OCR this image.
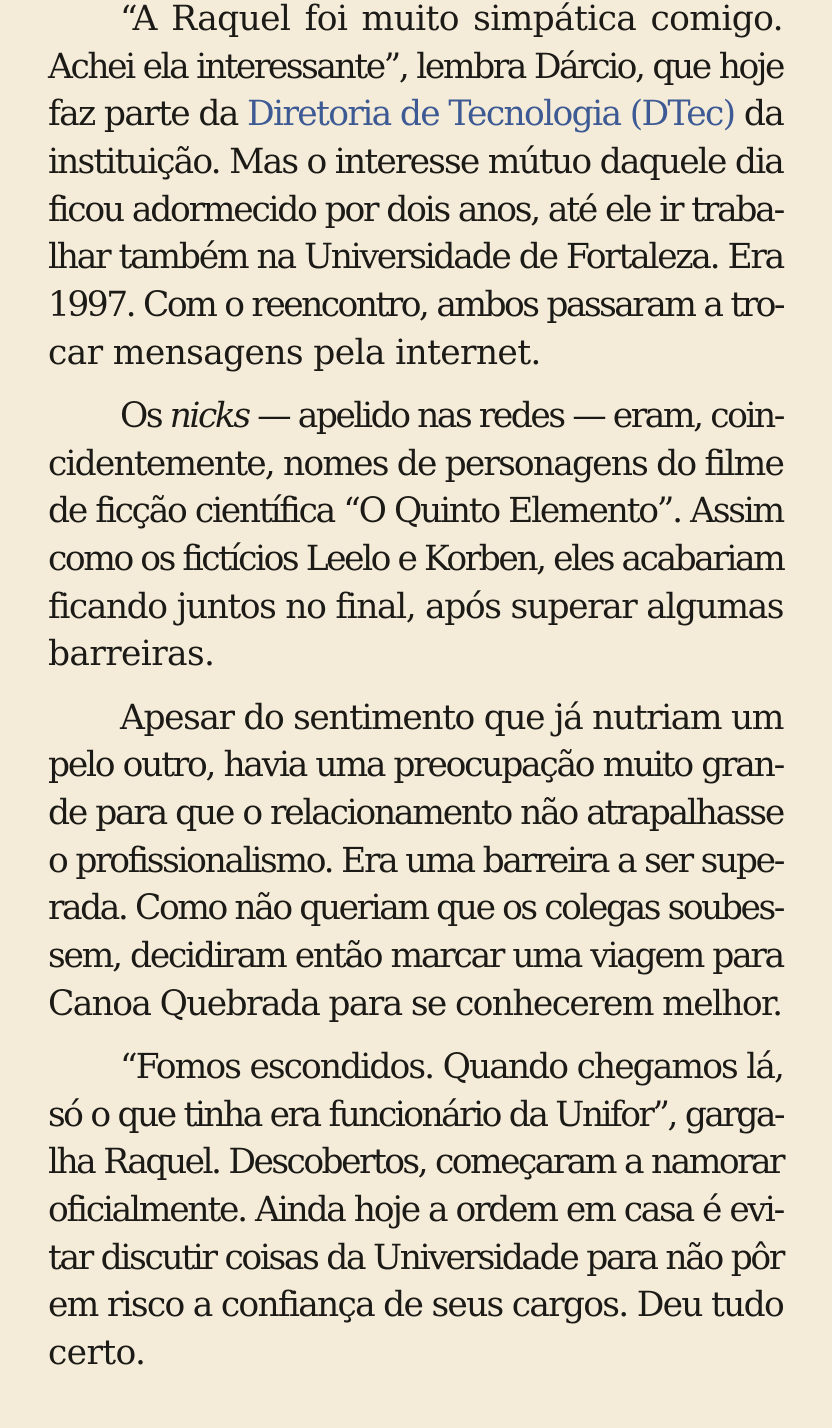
“A Raquel foi muito simpática comigo.
Achei ela interessante”, lembra Dárcio, que hoje
faz parte da Diretoria de Tecnologia (DTec) da
instituição. Mas o interesse mútuo daquele dia
ficou adormecido por dois anos, até ele ir traba-
lhar também na Universidade de Fortaleza. Era
1997. Com o reencontro, ambos passaram a tro-
car mensagens pela internet.
Os nicks — apelido nas redes — eram, coin-
cidentemente, nomes de personagens do filme
de ficção científica “O Quinto Elemento”. Assim
como os fictícios Leelo e Korben, eles acabariam
ficando juntos no final, após superar algumas
barreiras.
Apesar do sentimento que já nutriam um
pelo outro, havia uma preocupação muito gran-
de para que o relacionamento não atrapalhasse
o profissionalismo. Era uma barreira a ser supe-
rada. Como não queriam que os colegas soubes-
sem, decidiram então marcar uma viagem para
Canoa Quebrada para se conhecerem melhor.
“Fomos escondidos. Quando chegamos lá,
só o que tinha era funcionário da Unifor”, garga-
lha Raquel. Descobertos, começaram a namorar
oficialmente. Ainda hoje a ordem em casa é evi-
tar discutir coisas da Universidade para não pôr
em risco a confiança de seus cargos. Deu tudo
certo.
